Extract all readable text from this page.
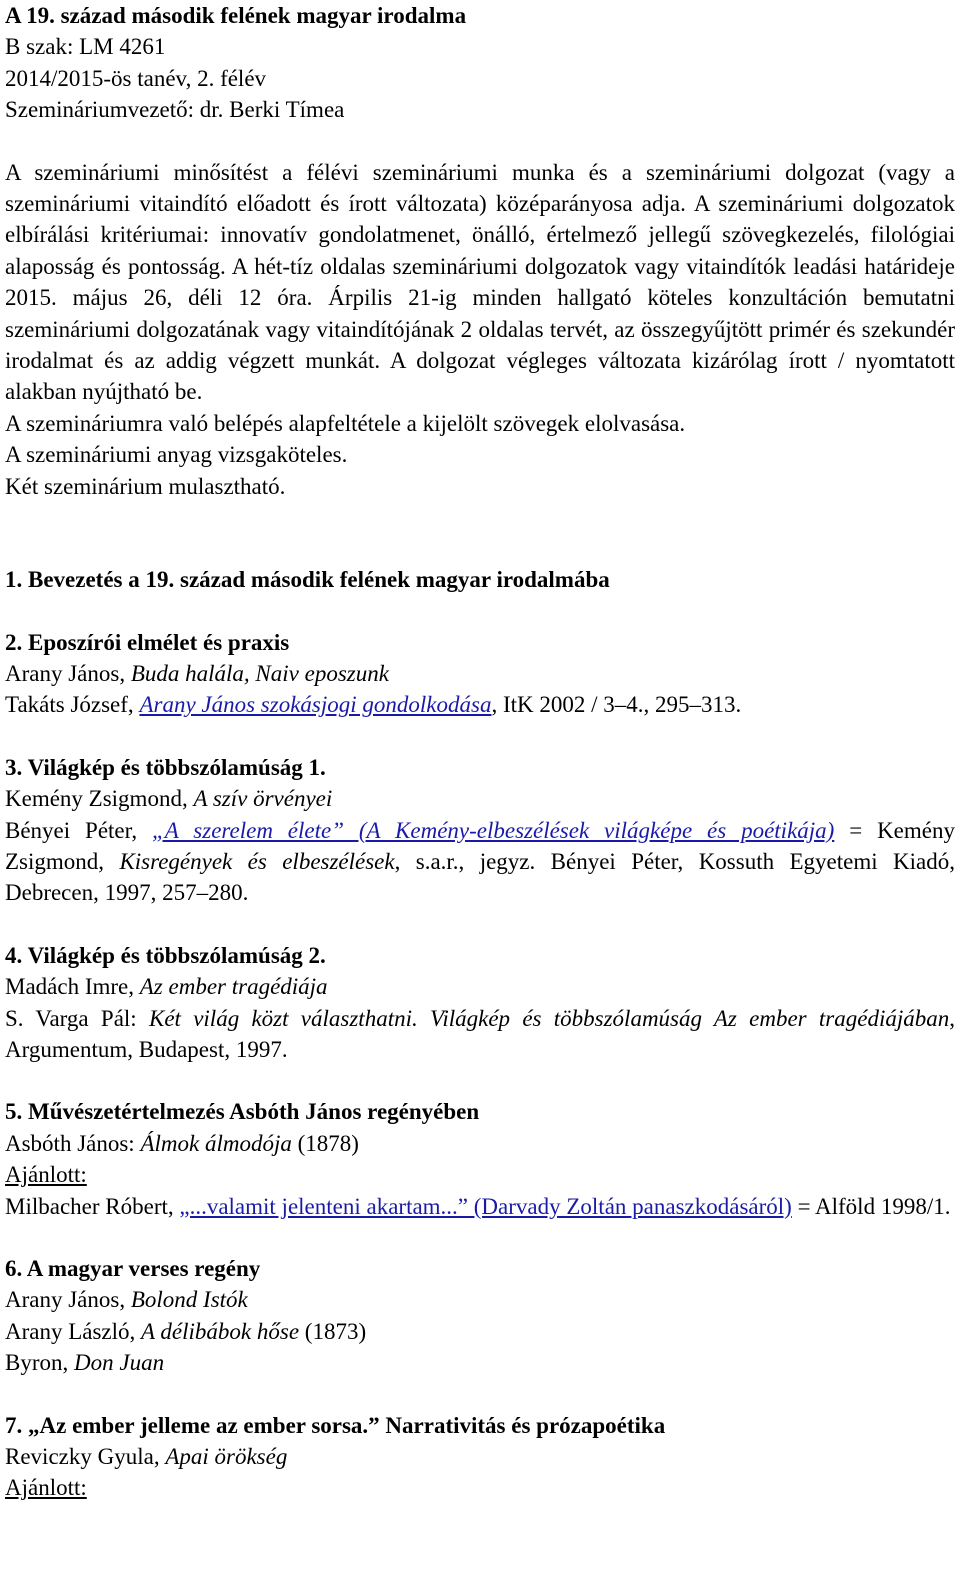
A 19. század második felének magyar irodalma

B szak: LM 4261

2014/2015-ös tanév, 2. félév

Szemináriumvezető: dr. Berki Tímea

A szemináriumi minősítést a félévi szemináriumi munka és a szemináriumi dolgozat (vagy a szemináriumi vitaindító előadott és írott változata) középarányosa adja. A szemináriumi dolgozatok elbírálási kritériumai: innovatív gondolatmenet, önálló, értelmező jellegű szövegkezelés, filológiai alaposság és pontosság. A hét-tíz oldalas szemináriumi dolgozatok vagy vitaindítók leadási határideje 2015. május 26, déli 12 óra. Árpilis 21-ig minden hallgató köteles konzultáción bemutatni szemináriumi dolgozatának vagy vitaindítójának 2 oldalas tervét, az összegyűjtött primér és szekundér irodalmat és az addig végzett munkát. A dolgozat végleges változata kizárólag írott / nyomtatott alakban nyújtható be.

A szemináriumra való belépés alapfeltétele a kijelölt szövegek elolvasása.

A szemináriumi anyag vizsgaköteles.

Két szeminárium mulasztható.

1. Bevezetés a 19. század második felének magyar irodalmába

2. Eposzírói elmélet és praxis

Arany János, Buda halála, Naiv eposzunk

Takáts József, Arany János szokásjogi gondolkodása, ItK 2002 / 3–4., 295–313.

3. Világkép és többszólamúság 1.

Kemény Zsigmond, A szív örvényei

Bényei Péter, „A szerelem élete” (A Kemény-elbeszélések világképe és poétikája) = Kemény Zsigmond, Kisregények és elbeszélések, s.a.r., jegyz. Bényei Péter, Kossuth Egyetemi Kiadó, Debrecen, 1997, 257–280.

4. Világkép és többszólamúság 2.

Madách Imre, Az ember tragédiája

S. Varga Pál: Két világ közt választhatni. Világkép és többszólamúság Az ember tragédiájában, Argumentum, Budapest, 1997.

5. Művészetértelmezés Asbóth János regényében

Asbóth János: Álmok álmodója (1878)

Ajánlott:

Milbacher Róbert, „...valamit jelenteni akartam...” (Darvady Zoltán panaszkodásáról) = Alföld 1998/1.

6. A magyar verses regény

Arany János, Bolond Istók

Arany László, A délibábok hőse (1873)

Byron, Don Juan

7. „Az ember jelleme az ember sorsa.” Narrativitás és prózapoétika

Reviczky Gyula, Apai örökség

Ajánlott:
